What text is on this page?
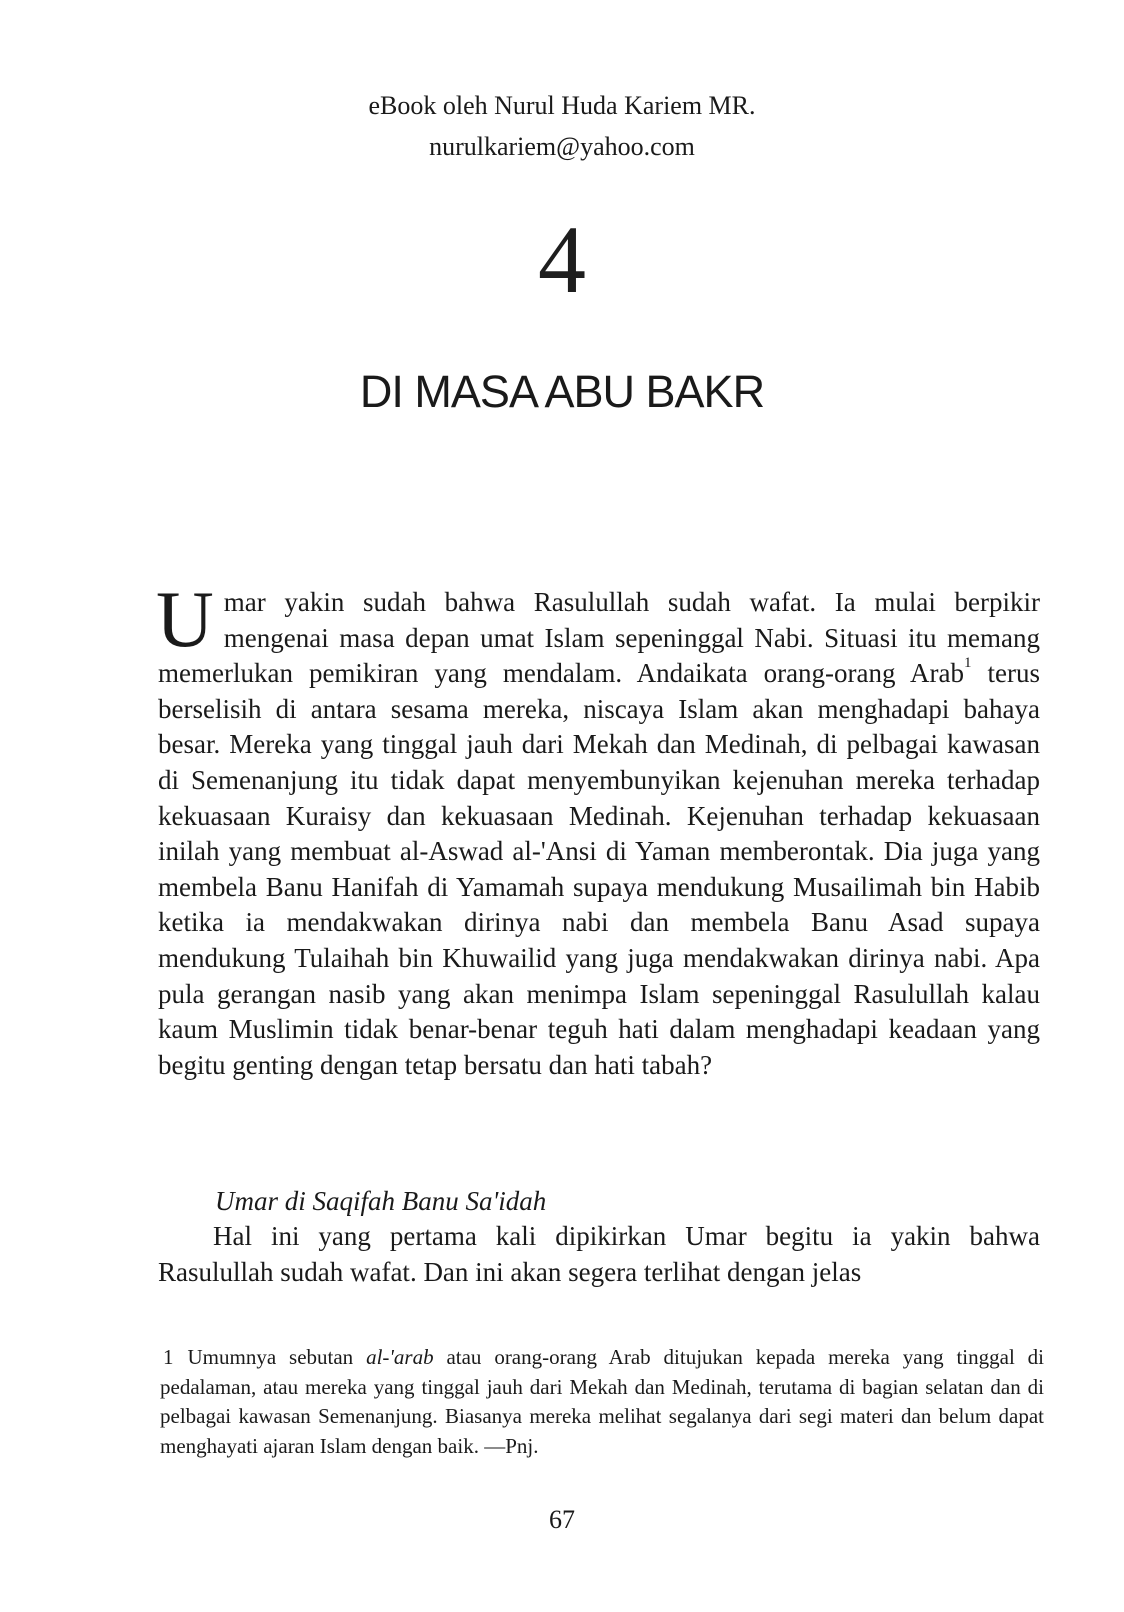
eBook oleh Nurul Huda Kariem MR.
nurulkariem@yahoo.com
4
DI MASA ABU BAKR
Umar yakin sudah bahwa Rasulullah sudah wafat. Ia mulai berpikir mengenai masa depan umat Islam sepeninggal Nabi. Situasi itu memang memerlukan pemikiran yang mendalam. Andaikata orang-orang Arab$^1$ terus berselisih di antara sesama mereka, niscaya Islam akan menghadapi bahaya besar. Mereka yang tinggal jauh dari Mekah dan Medinah, di pelbagai kawasan di Semenanjung itu tidak dapat menyembunyikan kejenuhan mereka terhadap kekuasaan Kuraisy dan kekuasaan Medinah. Kejenuhan terhadap kekuasaan inilah yang membuat al-Aswad al-'Ansi di Yaman memberontak. Dia juga yang membela Banu Hanifah di Yamamah supaya mendukung Musailimah bin Habib ketika ia mendakwakan dirinya nabi dan membela Banu Asad supaya mendukung Tulaihah bin Khuwailid yang juga mendakwakan dirinya nabi. Apa pula gerangan nasib yang akan menimpa Islam sepeninggal Rasulullah kalau kaum Muslimin tidak benar-benar teguh hati dalam menghadapi keadaan yang begitu genting dengan tetap bersatu dan hati tabah?
Umar di Saqifah Banu Sa'idah
Hal ini yang pertama kali dipikirkan Umar begitu ia yakin bahwa Rasulullah sudah wafat. Dan ini akan segera terlihat dengan jelas
1 Umumnya sebutan al-'arab atau orang-orang Arab ditujukan kepada mereka yang tinggal di pedalaman, atau mereka yang tinggal jauh dari Mekah dan Medinah, terutama di bagian selatan dan di pelbagai kawasan Semenanjung. Biasanya mereka melihat segalanya dari segi materi dan belum dapat menghayati ajaran Islam dengan baik. —Pnj.
67
